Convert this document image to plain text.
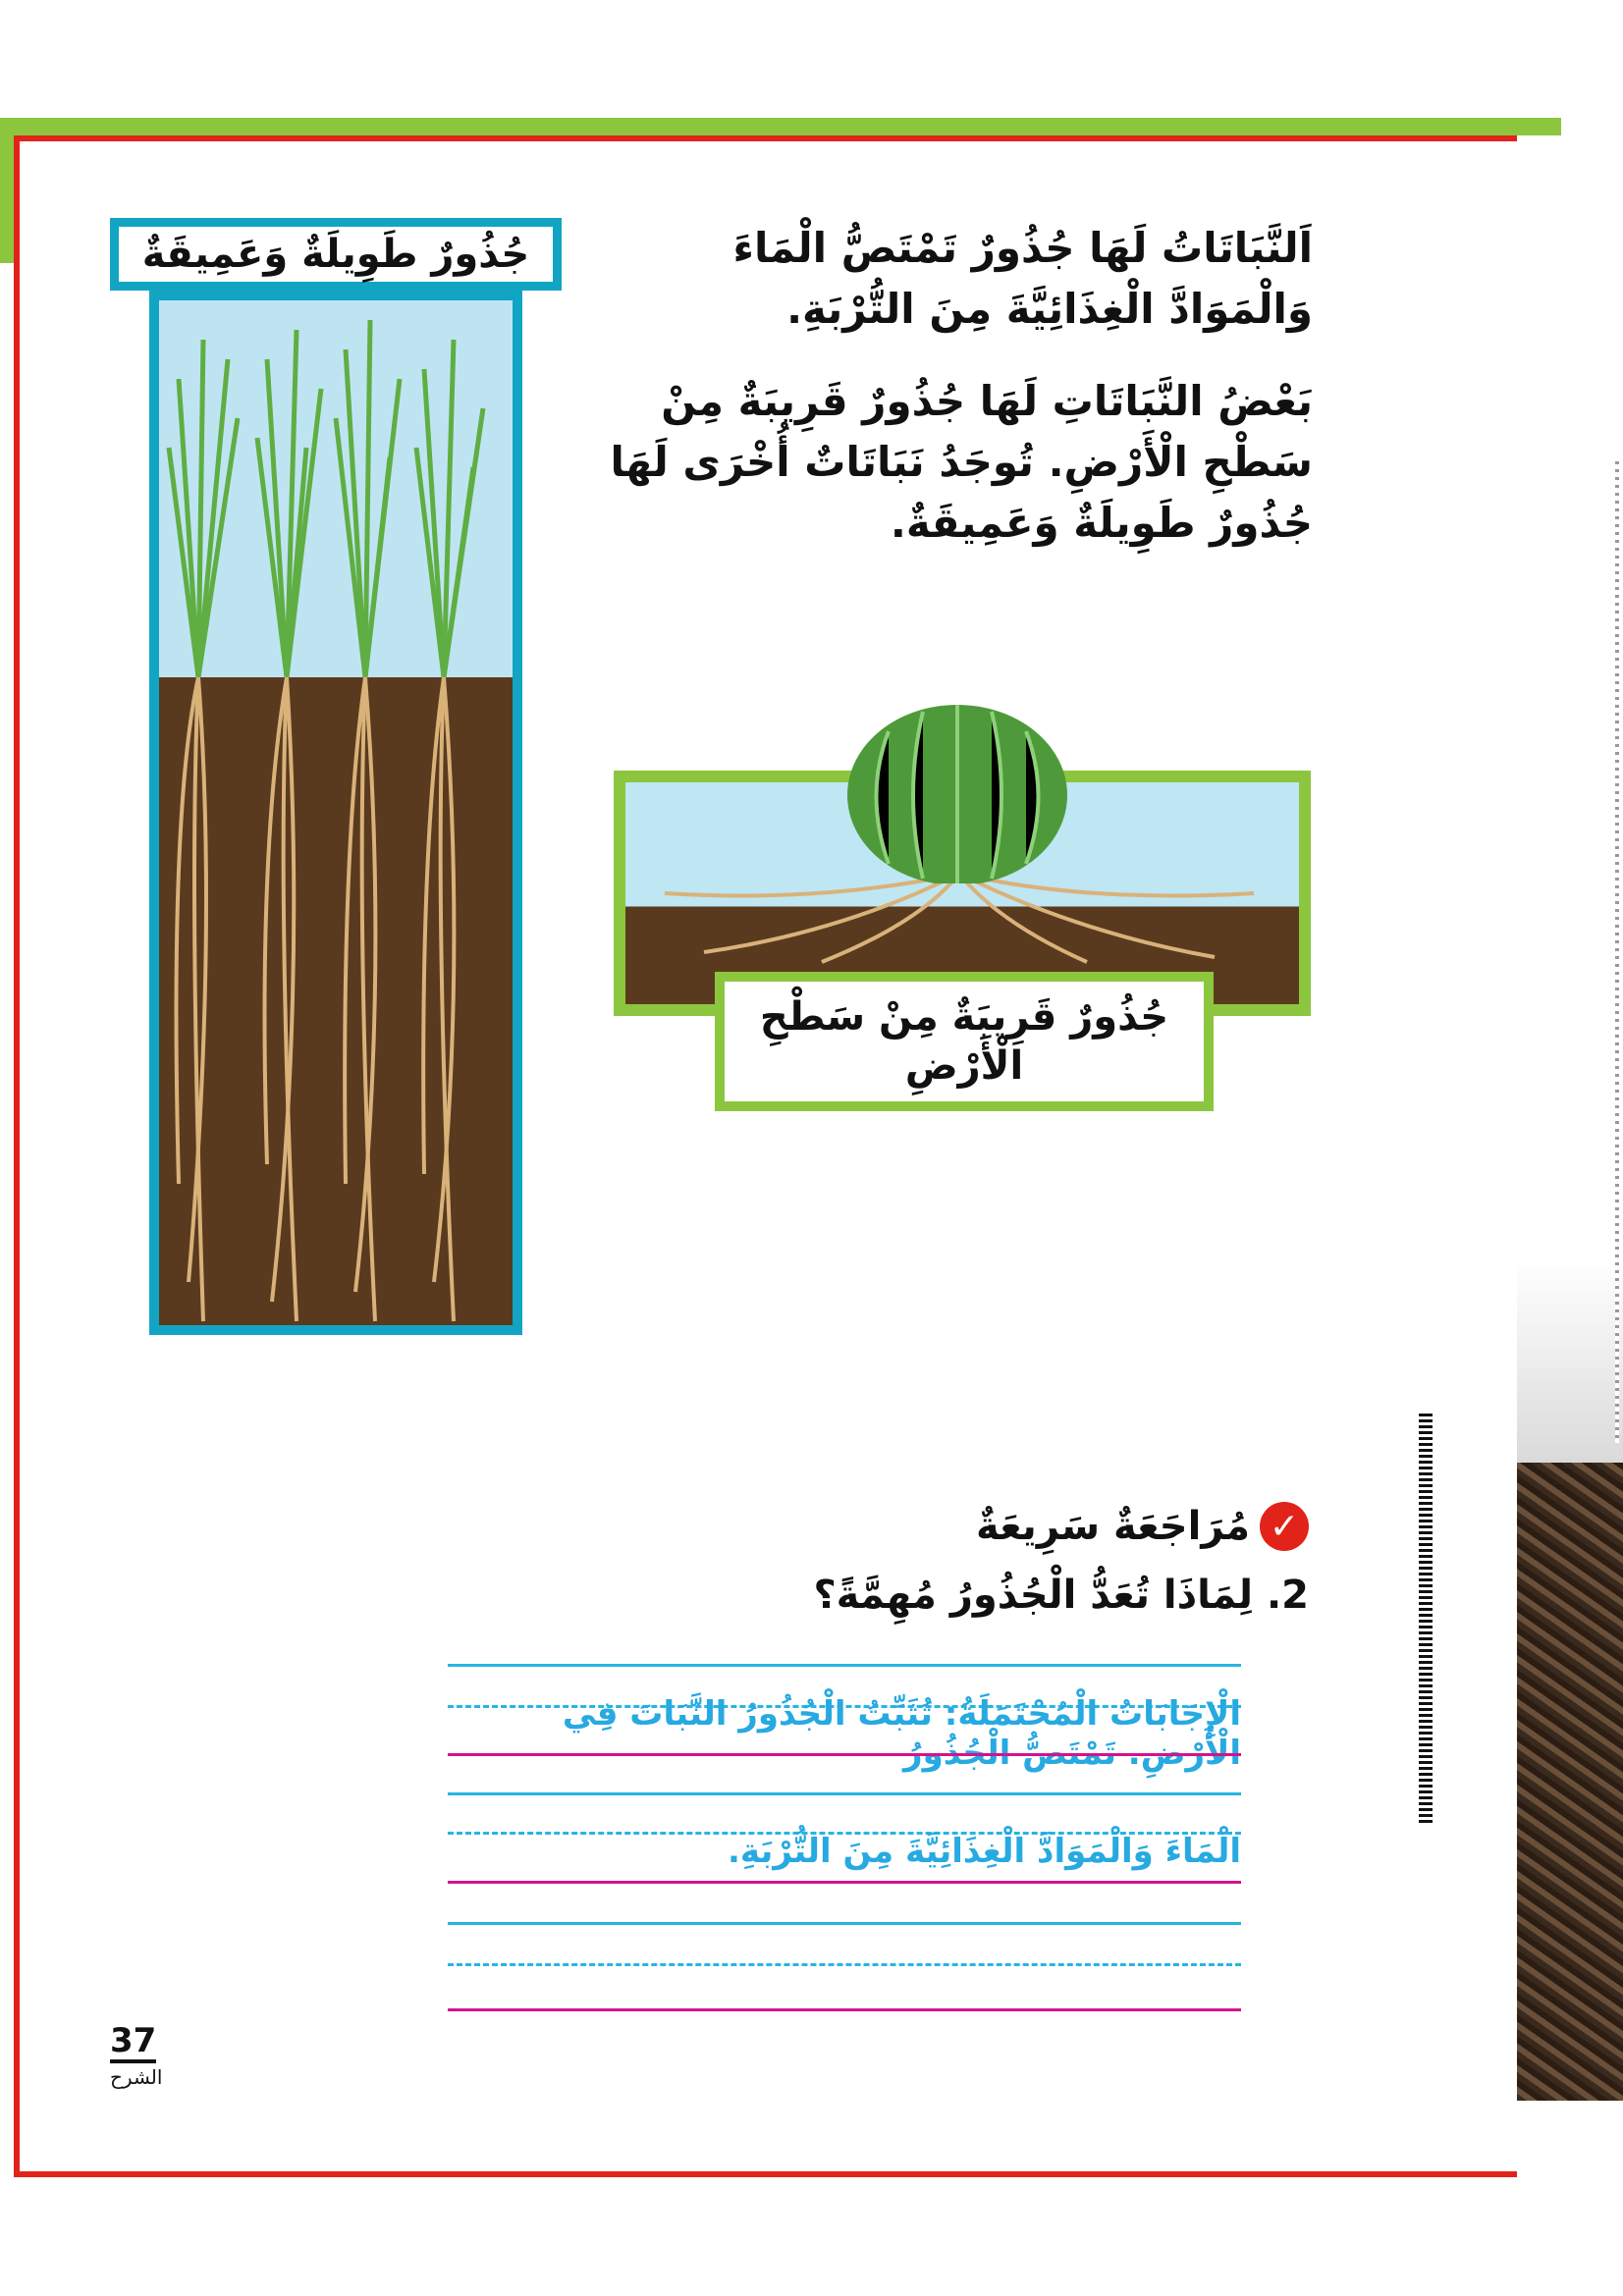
اَلنَّبَاتَاتُ لَهَا جُذُورٌ تَمْتَصُّ الْمَاءَ وَالْمَوَادَّ الْغِذَائِيَّةَ مِنَ التُّرْبَةِ.

بَعْضُ النَّبَاتَاتِ لَهَا جُذُورٌ قَرِيبَةٌ مِنْ سَطْحِ الْأَرْضِ. تُوجَدُ نَبَاتَاتٌ أُخْرَى لَهَا جُذُورٌ طَوِيلَةٌ وَعَمِيقَةٌ.

جُذُورٌ طَوِيلَةٌ وَعَمِيقَةٌ
جُذُورٌ قَرِيبَةٌ مِنْ سَطْحِ الْأَرْضِ
✓
مُرَاجَعَةٌ سَرِيعَةٌ
2. لِمَاذَا تُعَدُّ الْجُذُورُ مُهِمَّةً؟
الْإِجَابَاتُ الْمُحْتَمَلَةُ: تُثَبِّتُ الْجُذُورُ النَّبَاتَ فِي الْأَرْضِ. تَمْتَصُّ الْجُذُورُ
الْمَاءَ وَالْمَوَادَّ الْغِذَائِيَّةَ مِنَ التُّرْبَةِ.
37
الشرح
